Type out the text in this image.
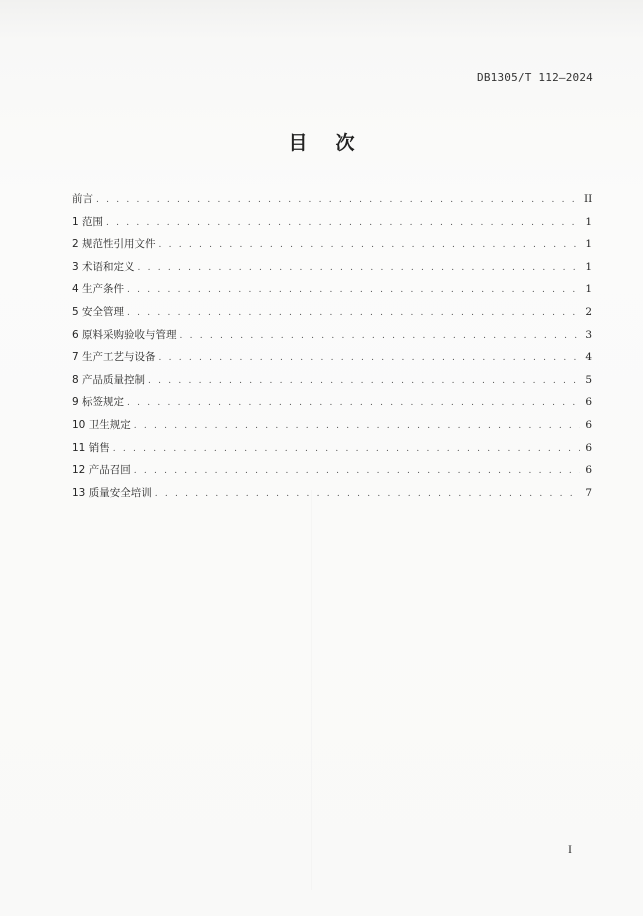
DB1305/T 112—2024
目次
前言 . . .	II
1 范围 . . .	1
2 规范性引用文件 . . .	1
3 术语和定义 . . .	1
4 生产条件 . . .	1
5 安全管理 . . .	2
6 原料采购验收与管理 . . .	3
7 生产工艺与设备 . . .	4
8 产品质量控制 . . .	5
9 标签规定 . . .	6
10 卫生规定 . . .	6
11 销售 . . .	6
12 产品召回 . . .	6
13 质量安全培训 . . .	7
I
